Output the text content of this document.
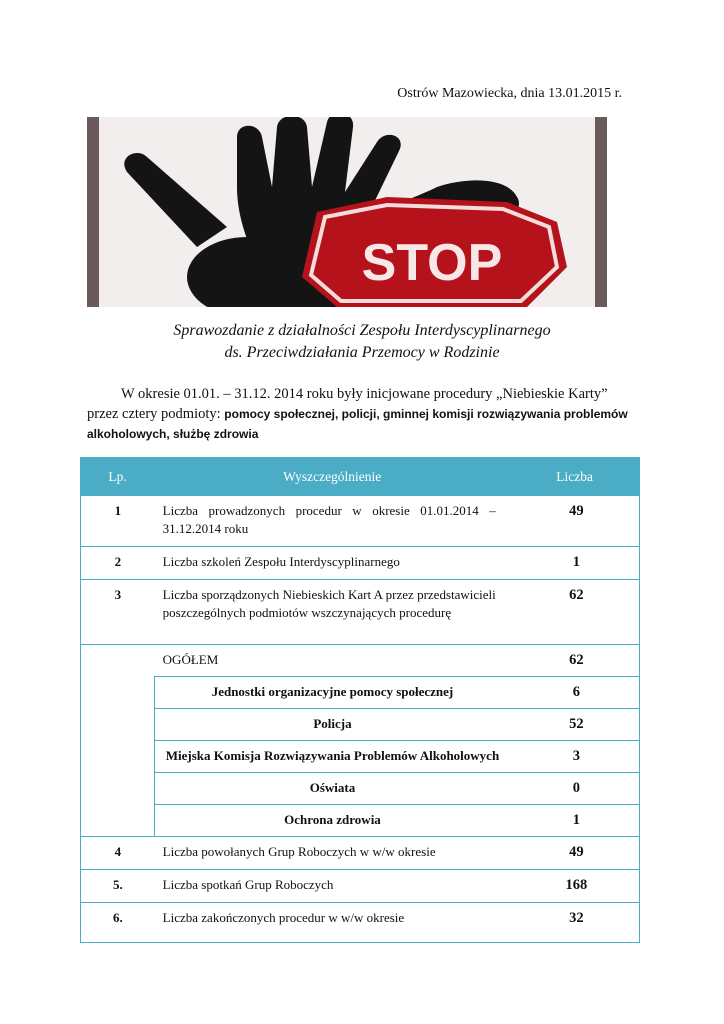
Ostrów Mazowiecka, dnia 13.01.2015 r.
STOP
Sprawozdanie z działalności Zespołu Interdyscyplinarnego
ds. Przeciwdziałania Przemocy w Rodzinie
W okresie 01.01. – 31.12. 2014 roku były inicjowane procedury „Niebieskie Karty”
przez cztery podmioty: pomocy społecznej, policji, gminnej komisji rozwiązywania problemów
alkoholowych, służbę zdrowia
Lp.	Wyszczególnienie	Liczba
1	Liczba prowadzonych procedur w okresie 01.01.2014 – 31.12.2014 roku	49
2	Liczba szkoleń Zespołu Interdyscyplinarnego	1
3	Liczba sporządzonych Niebieskich Kart A przez przedstawicieli poszczególnych podmiotów wszczynających procedurę	62
	OGÓŁEM	62
	Jednostki organizacyjne pomocy społecznej	6
	Policja	52
	Miejska Komisja Rozwiązywania Problemów Alkoholowych	3
	Oświata	0
	Ochrona zdrowia	1
4	Liczba powołanych Grup Roboczych w w/w okresie	49
5.	Liczba spotkań Grup Roboczych	168
6.	Liczba zakończonych procedur w w/w okresie	32
